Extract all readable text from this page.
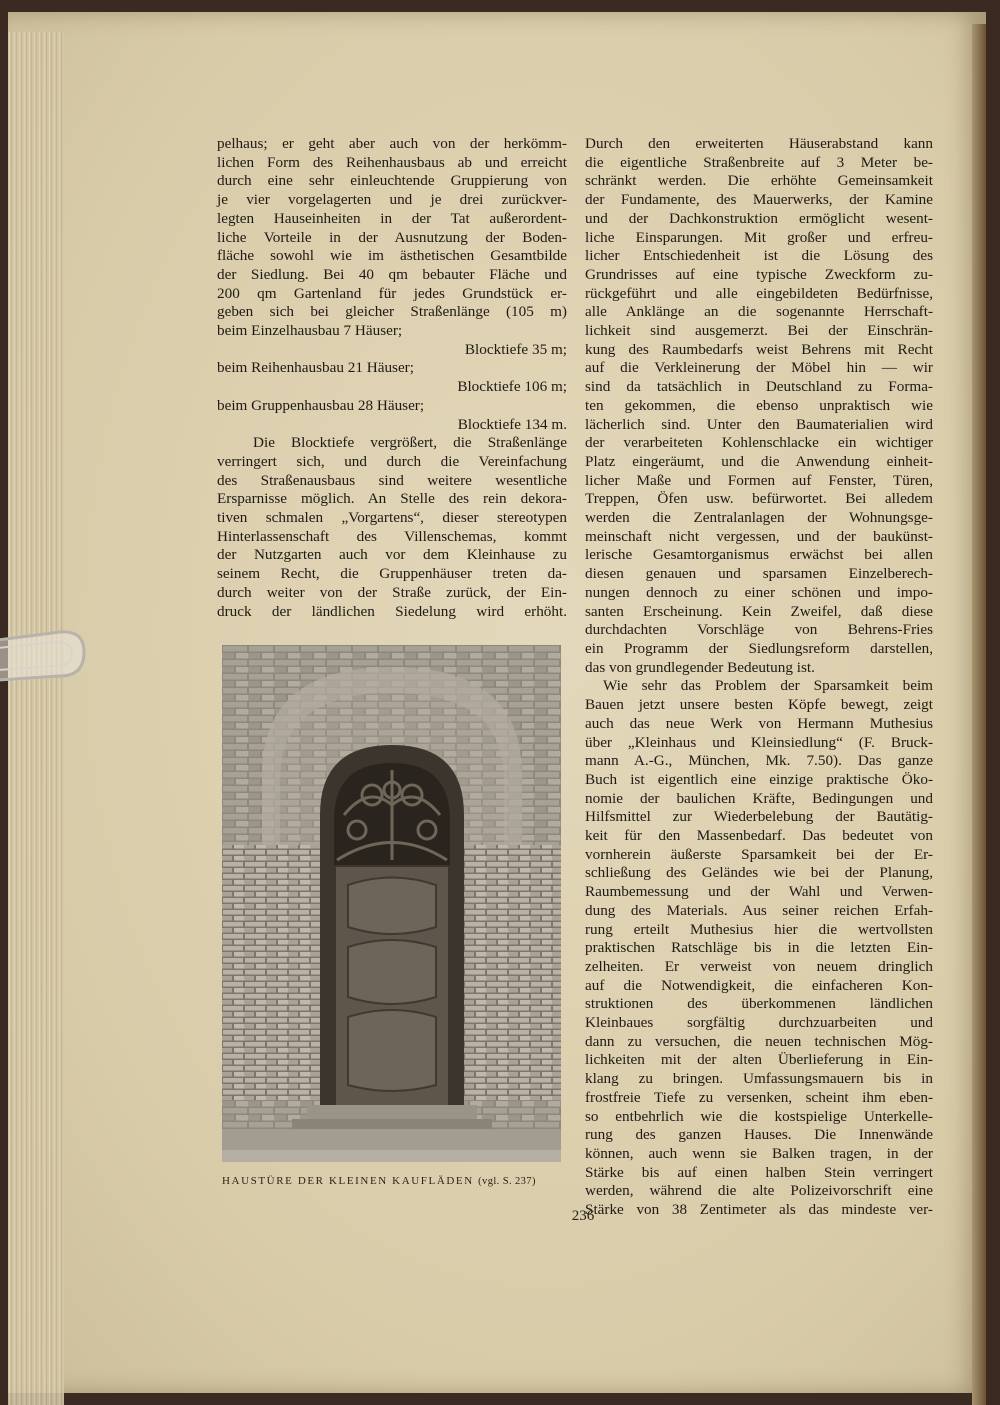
pelhaus; er geht aber auch von der herkömm-
lichen Form des Reihenhausbaus ab und erreicht
durch eine sehr einleuchtende Gruppierung von
je vier vorgelagerten und je drei zurückver-
legten Hauseinheiten in der Tat außerordent-
liche Vorteile in der Ausnutzung der Boden-
fläche sowohl wie im ästhetischen Gesamtbilde
der Siedlung. Bei 40 qm bebauter Fläche und
200 qm Gartenland für jedes Grundstück er-
geben sich bei gleicher Straßenlänge (105 m)
beim Einzelhausbau 7 Häuser;
Blocktiefe 35 m;
beim Reihenhausbau 21 Häuser;
Blocktiefe 106 m;
beim Gruppenhausbau 28 Häuser;
Blocktiefe 134 m.

Die Blocktiefe vergrößert, die Straßenlänge
verringert sich, und durch die Vereinfachung
des Straßenausbaus sind weitere wesentliche
Ersparnisse möglich. An Stelle des rein dekora-
tiven schmalen „Vorgartens“, dieser stereotypen
Hinterlassenschaft des Villenschemas, kommt
der Nutzgarten auch vor dem Kleinhause zu
seinem Recht, die Gruppenhäuser treten da-
durch weiter von der Straße zurück, der Ein-
druck der ländlichen Siedelung wird erhöht.

HAUSTÜRE DER KLEINEN KAUFLÄDEN (vgl. S. 237)

Durch den erweiterten Häuserabstand kann
die eigentliche Straßenbreite auf 3 Meter be-
schränkt werden. Die erhöhte Gemeinsamkeit
der Fundamente, des Mauerwerks, der Kamine
und der Dachkonstruktion ermöglicht wesent-
liche Einsparungen. Mit großer und erfreu-
licher Entschiedenheit ist die Lösung des
Grundrisses auf eine typische Zweckform zu-
rückgeführt und alle eingebildeten Bedürfnisse,
alle Anklänge an die sogenannte Herrschaft-
lichkeit sind ausgemerzt. Bei der Einschrän-
kung des Raumbedarfs weist Behrens mit Recht
auf die Verkleinerung der Möbel hin — wir
sind da tatsächlich in Deutschland zu Forma-
ten gekommen, die ebenso unpraktisch wie
lächerlich sind. Unter den Baumaterialien wird
der verarbeiteten Kohlenschlacke ein wichtiger
Platz eingeräumt, und die Anwendung einheit-
licher Maße und Formen auf Fenster, Türen,
Treppen, Öfen usw. befürwortet. Bei alledem
werden die Zentralanlagen der Wohnungsge-
meinschaft nicht vergessen, und der baukünst-
lerische Gesamtorganismus erwächst bei allen
diesen genauen und sparsamen Einzelberech-
nungen dennoch zu einer schönen und impo-
santen Erscheinung. Kein Zweifel, daß diese
durchdachten Vorschläge von Behrens-Fries
ein Programm der Siedlungsreform darstellen,
das von grundlegender Bedeutung ist.

Wie sehr das Problem der Sparsamkeit beim
Bauen jetzt unsere besten Köpfe bewegt, zeigt
auch das neue Werk von Hermann Muthesius
über „Kleinhaus und Kleinsiedlung“ (F. Bruck-
mann A.-G., München, Mk. 7.50). Das ganze
Buch ist eigentlich eine einzige praktische Öko-
nomie der baulichen Kräfte, Bedingungen und
Hilfsmittel zur Wiederbelebung der Bautätig-
keit für den Massenbedarf. Das bedeutet von
vornherein äußerste Sparsamkeit bei der Er-
schließung des Geländes wie bei der Planung,
Raumbemessung und der Wahl und Verwen-
dung des Materials. Aus seiner reichen Erfah-
rung erteilt Muthesius hier die wertvollsten
praktischen Ratschläge bis in die letzten Ein-
zelheiten. Er verweist von neuem dringlich
auf die Notwendigkeit, die einfacheren Kon-
struktionen des überkommenen ländlichen
Kleinbaues sorgfältig durchzuarbeiten und
dann zu versuchen, die neuen technischen Mög-
lichkeiten mit der alten Überlieferung in Ein-
klang zu bringen. Umfassungsmauern bis in
frostfreie Tiefe zu versenken, scheint ihm eben-
so entbehrlich wie die kostspielige Unterkelle-
rung des ganzen Hauses. Die Innenwände
können, auch wenn sie Balken tragen, in der
Stärke bis auf einen halben Stein verringert
werden, während die alte Polizeivorschrift eine
Stärke von 38 Zentimeter als das mindeste ver-

236
